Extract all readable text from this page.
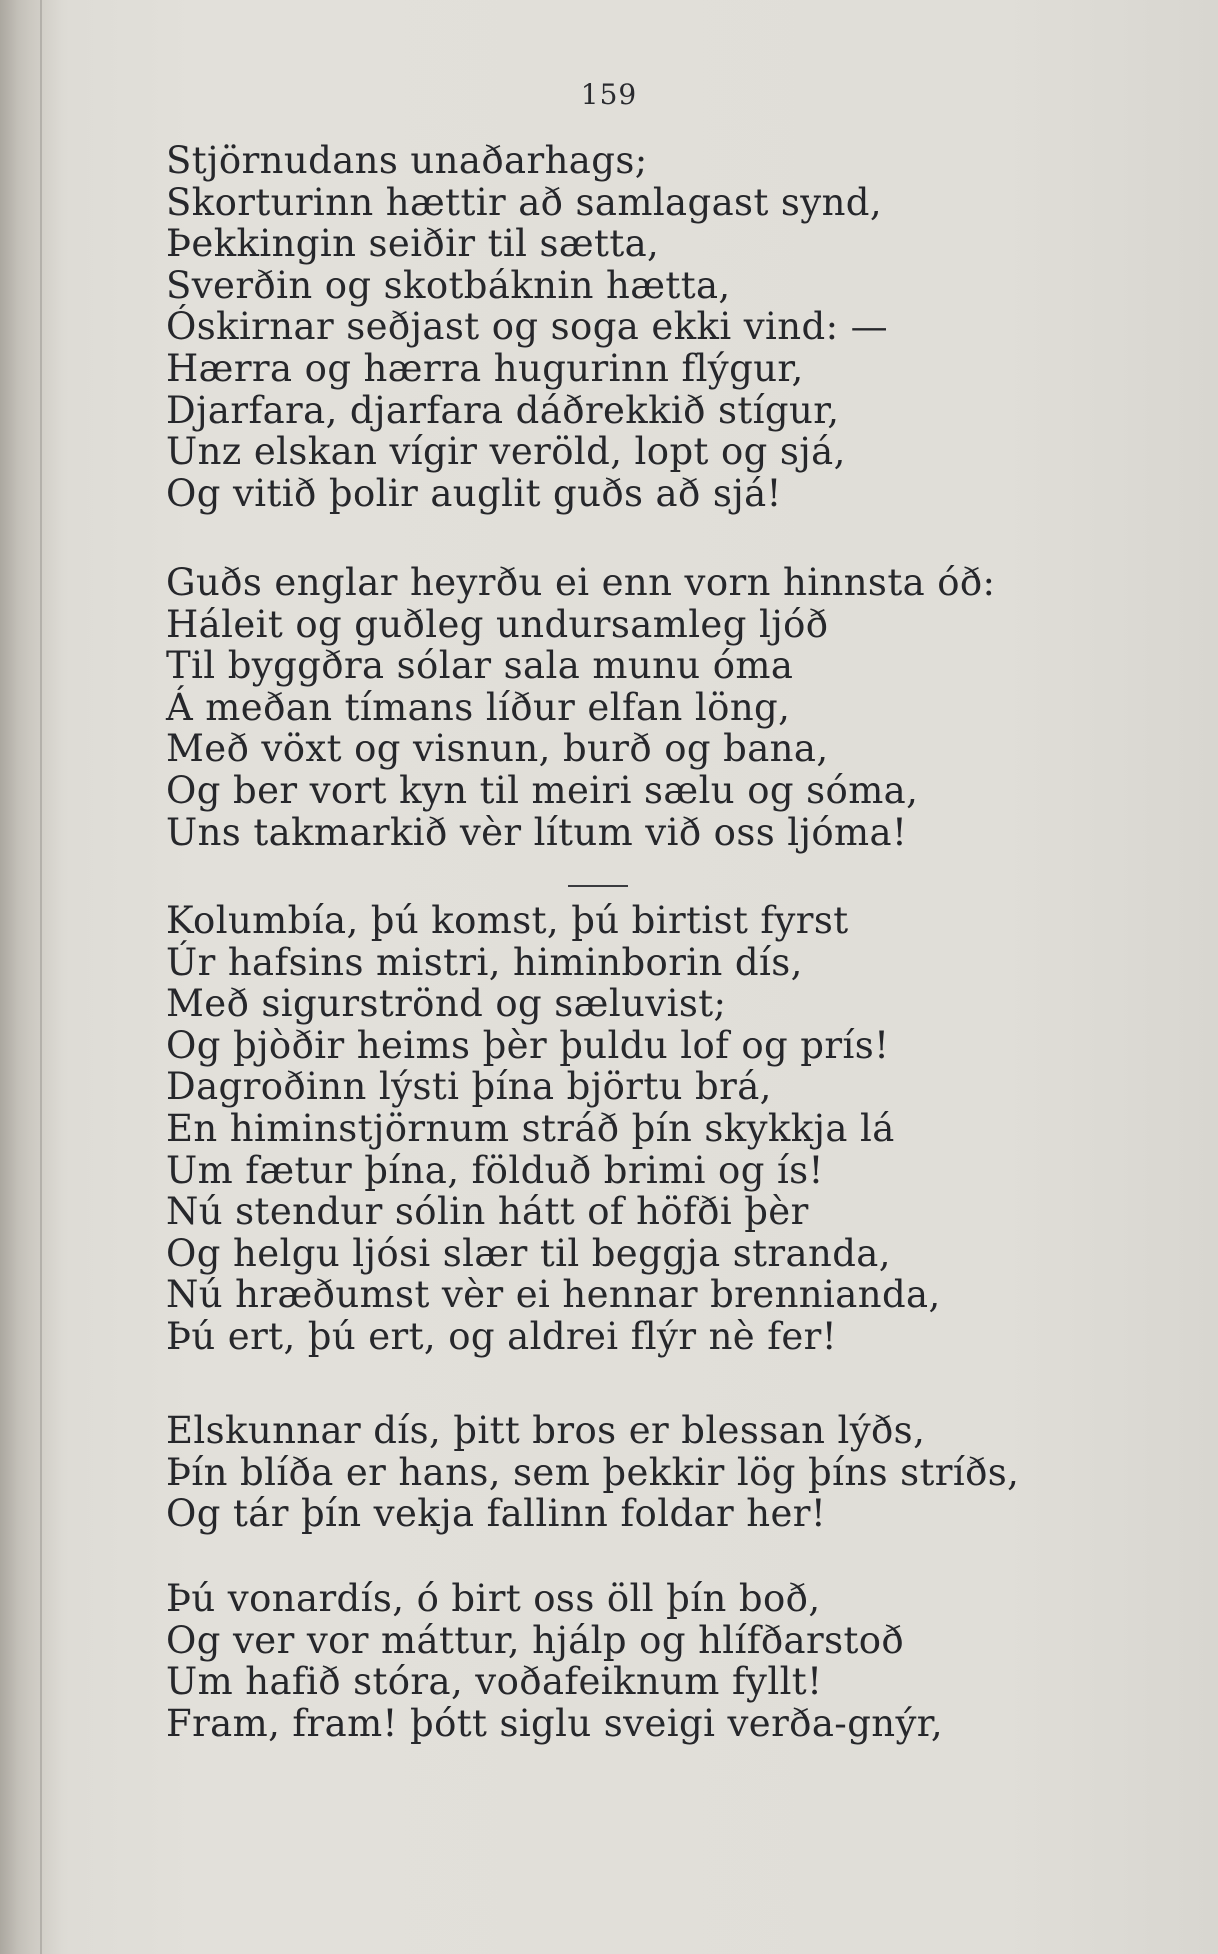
159
Stjörnudans unaðarhags;
Skorturinn hættir að samlagast synd,
Þekkingin seiðir til sætta,
Sverðin og skotbáknin hætta,
Óskirnar seðjast og soga ekki vind: —
Hærra og hærra hugurinn flýgur,
Djarfara, djarfara dáðrekkið stígur,
Unz elskan vígir veröld, lopt og sjá,
Og vitið þolir auglit guðs að sjá!
Guðs englar heyrðu ei enn vorn hinnsta óð:
Háleit og guðleg undursamleg ljóð
Til byggðra sólar sala munu óma
Á meðan tímans líður elfan löng,
Með vöxt og visnun, burð og bana,
Og ber vort kyn til meiri sælu og sóma,
Uns takmarkið vèr lítum við oss ljóma!
Kolumbía, þú komst, þú birtist fyrst
Úr hafsins mistri, himinborin dís,
Með sigurströnd og sæluvist;
Og þjòðir heims þèr þuldu lof og prís!
Dagroðinn lýsti þína björtu brá,
En himinstjörnum stráð þín skykkja lá
Um fætur þína, földuð brimi og ís!
Nú stendur sólin hátt of höfði þèr
Og helgu ljósi slær til beggja stranda,
Nú hræðumst vèr ei hennar brennianda,
Þú ert, þú ert, og aldrei flýr nè fer!
Elskunnar dís, þitt bros er blessan lýðs,
Þín blíða er hans, sem þekkir lög þíns stríðs,
Og tár þín vekja fallinn foldar her!
Þú vonardís, ó birt oss öll þín boð,
Og ver vor máttur, hjálp og hlífðarstoð
Um hafið stóra, voðafeiknum fyllt!
Fram, fram! þótt siglu sveigi verða-gnýr,
